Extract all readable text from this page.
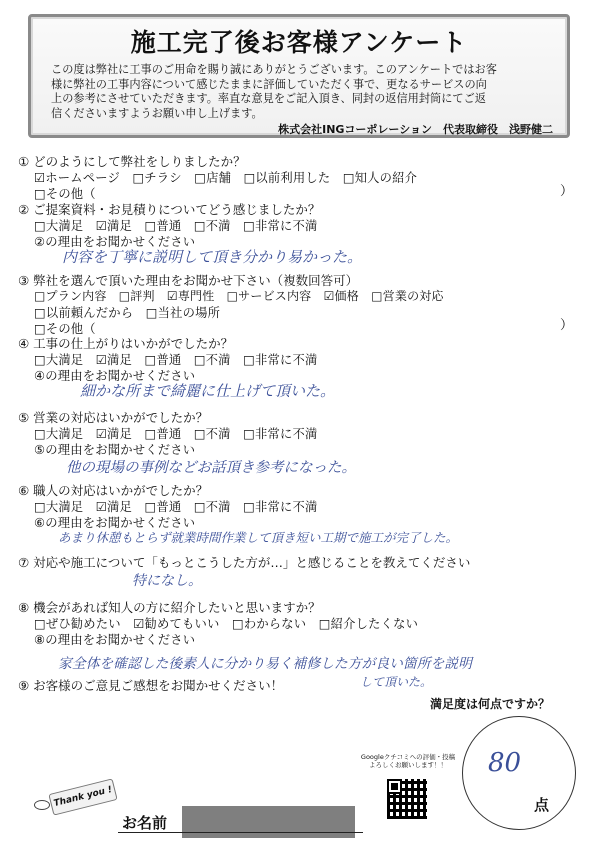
施工完了後お客様アンケート
この度は弊社に工事のご用命を賜り誠にありがとうございます。このアンケートではお客
様に弊社の工事内容について感じたままに評価していただく事で、更なるサービスの向
上の参考にさせていただきます。率直な意見をご記入頂き、同封の返信用封筒にてご返
信くださいますようお願い申し上げます。
株式会社INGコーポレーション　代表取締役　浅野健二
① どのようにして弊社をしりましたか？
☑ホームページ　□チラシ　□店舗　□以前利用した　□知人の紹介
□その他（	）
② ご提案資料・お見積りについてどう感じましたか？
□大満足　☑満足　□普通　□不満　□非常に不満
②の理由をお聞かせください
内容を丁寧に説明して頂き分かり易かった。
③ 弊社を選んで頂いた理由をお聞かせ下さい（複数回答可）
□プラン内容　□評判　☑専門性　□サービス内容　☑価格　□営業の対応
□以前頼んだから　□当社の場所
□その他（	）
④ 工事の仕上がりはいかがでしたか？
□大満足　☑満足　□普通　□不満　□非常に不満
④の理由をお聞かせください
細かな所まで綺麗に仕上げて頂いた。
⑤ 営業の対応はいかがでしたか？
□大満足　☑満足　□普通　□不満　□非常に不満
⑤の理由をお聞かせください
他の現場の事例などお話頂き参考になった。
⑥ 職人の対応はいかがでしたか？
□大満足　☑満足　□普通　□不満　□非常に不満
⑥の理由をお聞かせください
あまり休憩もとらず就業時間作業して頂き短い工期で施工が完了した。
⑦ 対応や施工について「もっとこうした方が…」と感じることを教えてください
特になし。
⑧ 機会があれば知人の方に紹介したいと思いますか？
□ぜひ勧めたい　☑勧めてもいい　□わからない　□紹介したくない
⑧の理由をお聞かせください
家全体を確認した後素人に分かり易く補修した方が良い箇所を説明
して頂いた。
⑨ お客様のご意見ご感想をお聞かせください！
満足度は何点ですか？
80
点
Googleクチコミへの評価・投稿
よろしくお願いします！！
Thank you !
お名前
